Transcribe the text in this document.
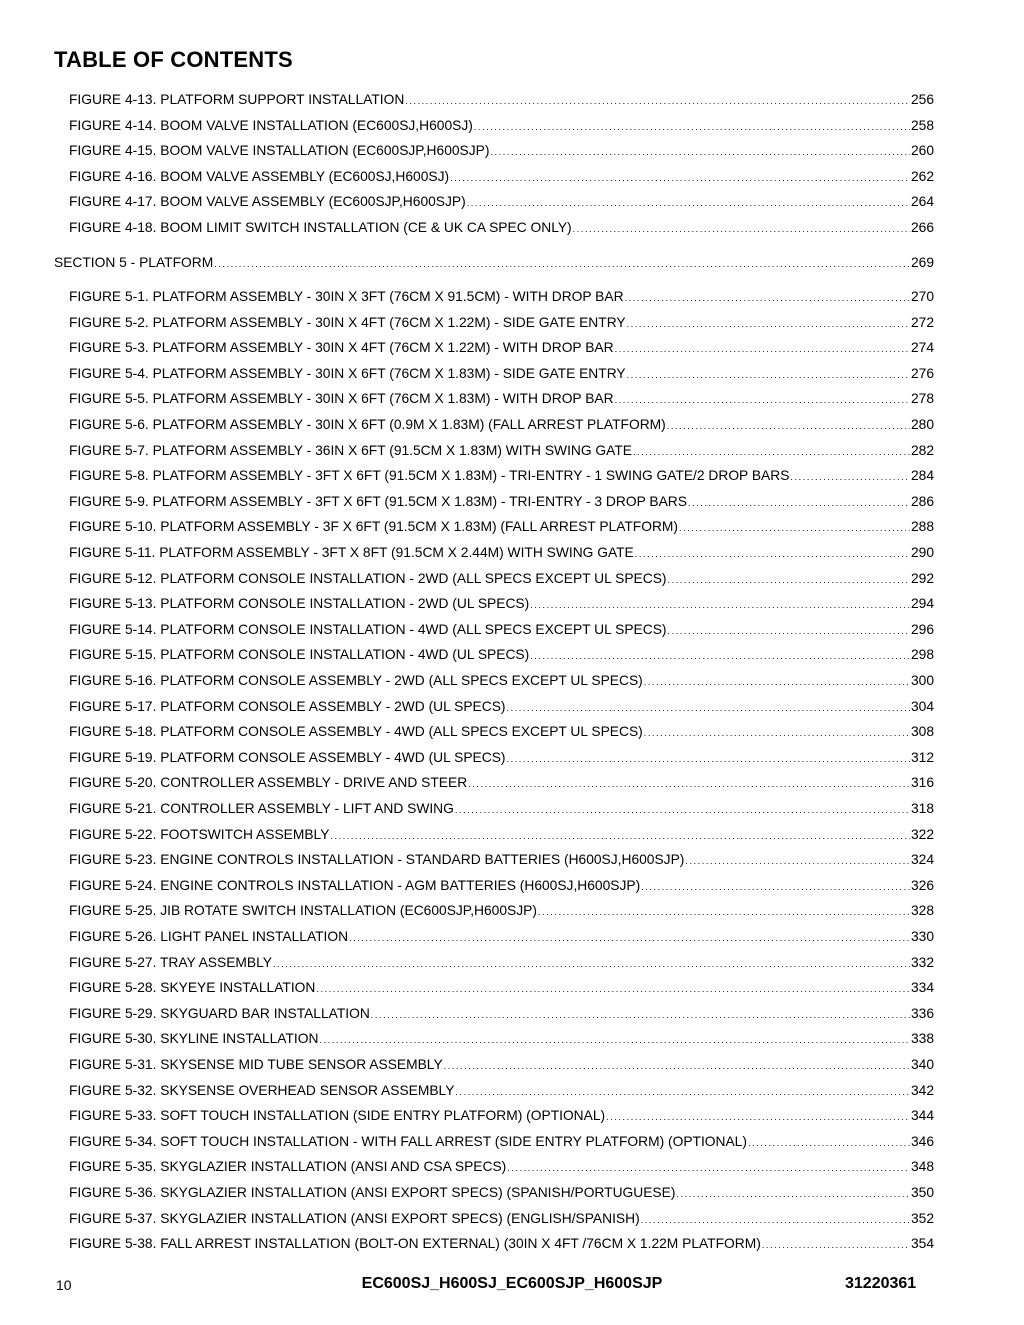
TABLE OF CONTENTS
FIGURE 4-13. PLATFORM SUPPORT INSTALLATION .....	256
FIGURE 4-14. BOOM VALVE INSTALLATION (EC600SJ,H600SJ) .....	258
FIGURE 4-15. BOOM VALVE INSTALLATION (EC600SJP,H600SJP) .....	260
FIGURE 4-16. BOOM VALVE ASSEMBLY (EC600SJ,H600SJ) .....	262
FIGURE 4-17. BOOM VALVE ASSEMBLY (EC600SJP,H600SJP) .....	264
FIGURE 4-18. BOOM LIMIT SWITCH INSTALLATION (CE & UK CA SPEC ONLY) .....	266
SECTION 5 - PLATFORM .....	269
FIGURE 5-1. PLATFORM ASSEMBLY - 30IN X 3FT (76CM X 91.5CM) - WITH DROP BAR .....	270
FIGURE 5-2. PLATFORM ASSEMBLY - 30IN X 4FT (76CM X 1.22M) - SIDE GATE ENTRY .....	272
FIGURE 5-3. PLATFORM ASSEMBLY - 30IN X 4FT (76CM X 1.22M) - WITH DROP BAR .....	274
FIGURE 5-4. PLATFORM ASSEMBLY - 30IN X 6FT (76CM X 1.83M) - SIDE GATE ENTRY .....	276
FIGURE 5-5. PLATFORM ASSEMBLY - 30IN X 6FT (76CM X 1.83M) - WITH DROP BAR .....	278
FIGURE 5-6. PLATFORM ASSEMBLY - 30IN X 6FT (0.9M X 1.83M) (FALL ARREST PLATFORM) .....	280
FIGURE 5-7. PLATFORM ASSEMBLY - 36IN X 6FT (91.5CM X 1.83M) WITH SWING GATE .....	282
FIGURE 5-8. PLATFORM ASSEMBLY - 3FT X 6FT (91.5CM X 1.83M) - TRI-ENTRY - 1 SWING GATE/2 DROP BARS .....	284
FIGURE 5-9. PLATFORM ASSEMBLY - 3FT X 6FT (91.5CM X 1.83M) - TRI-ENTRY - 3 DROP BARS .....	286
FIGURE 5-10. PLATFORM ASSEMBLY - 3F X 6FT (91.5CM X 1.83M) (FALL ARREST PLATFORM) .....	288
FIGURE 5-11. PLATFORM ASSEMBLY - 3FT X 8FT (91.5CM X 2.44M) WITH SWING GATE .....	290
FIGURE 5-12. PLATFORM CONSOLE INSTALLATION - 2WD (ALL SPECS EXCEPT UL SPECS) .....	292
FIGURE 5-13. PLATFORM CONSOLE INSTALLATION - 2WD (UL SPECS) .....	294
FIGURE 5-14. PLATFORM CONSOLE INSTALLATION - 4WD (ALL SPECS EXCEPT UL SPECS) .....	296
FIGURE 5-15. PLATFORM CONSOLE INSTALLATION - 4WD (UL SPECS) .....	298
FIGURE 5-16. PLATFORM CONSOLE ASSEMBLY - 2WD (ALL SPECS EXCEPT UL SPECS) .....	300
FIGURE 5-17. PLATFORM CONSOLE ASSEMBLY - 2WD (UL SPECS) .....	304
FIGURE 5-18. PLATFORM CONSOLE ASSEMBLY - 4WD (ALL SPECS EXCEPT UL SPECS) .....	308
FIGURE 5-19. PLATFORM CONSOLE ASSEMBLY - 4WD (UL SPECS) .....	312
FIGURE 5-20. CONTROLLER ASSEMBLY - DRIVE AND STEER .....	316
FIGURE 5-21. CONTROLLER ASSEMBLY - LIFT AND SWING .....	318
FIGURE 5-22. FOOTSWITCH ASSEMBLY .....	322
FIGURE 5-23. ENGINE CONTROLS INSTALLATION - STANDARD BATTERIES (H600SJ,H600SJP) .....	324
FIGURE 5-24. ENGINE CONTROLS INSTALLATION - AGM BATTERIES (H600SJ,H600SJP) .....	326
FIGURE 5-25. JIB ROTATE SWITCH INSTALLATION (EC600SJP,H600SJP) .....	328
FIGURE 5-26. LIGHT PANEL INSTALLATION .....	330
FIGURE 5-27. TRAY ASSEMBLY .....	332
FIGURE 5-28. SKYEYE INSTALLATION .....	334
FIGURE 5-29. SKYGUARD BAR INSTALLATION .....	336
FIGURE 5-30. SKYLINE INSTALLATION .....	338
FIGURE 5-31. SKYSENSE MID TUBE SENSOR ASSEMBLY .....	340
FIGURE 5-32. SKYSENSE OVERHEAD SENSOR ASSEMBLY .....	342
FIGURE 5-33. SOFT TOUCH INSTALLATION (SIDE ENTRY PLATFORM) (OPTIONAL) .....	344
FIGURE 5-34. SOFT TOUCH INSTALLATION - WITH FALL ARREST (SIDE ENTRY PLATFORM) (OPTIONAL) .....	346
FIGURE 5-35. SKYGLAZIER INSTALLATION (ANSI AND CSA SPECS) .....	348
FIGURE 5-36. SKYGLAZIER INSTALLATION (ANSI EXPORT SPECS) (SPANISH/PORTUGUESE) .....	350
FIGURE 5-37. SKYGLAZIER INSTALLATION (ANSI EXPORT SPECS) (ENGLISH/SPANISH) .....	352
FIGURE 5-38. FALL ARREST INSTALLATION (BOLT-ON EXTERNAL) (30IN X 4FT /76CM X 1.22M PLATFORM) .....	354
10	EC600SJ_H600SJ_EC600SJP_H600SJP	31220361
